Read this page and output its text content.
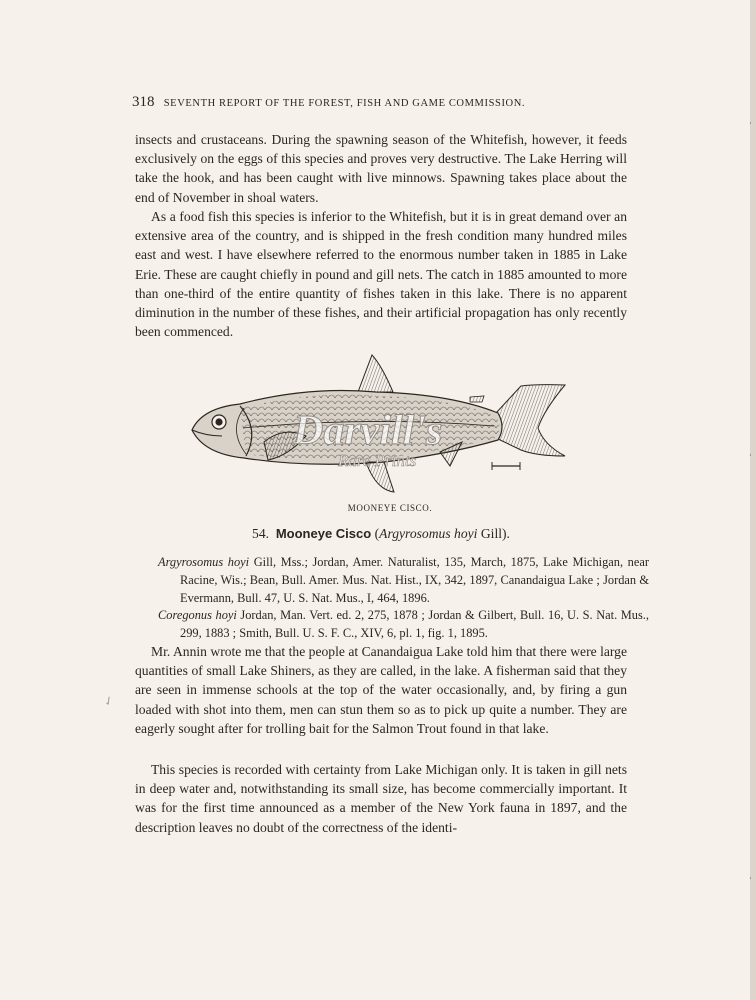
‘
‘
‘
318 SEVENTH REPORT OF THE FOREST, FISH AND GAME COMMISSION.

insects and crustaceans. During the spawning season of the Whitefish, however, it feeds exclusively on the eggs of this species and proves very destructive. The Lake Herring will take the hook, and has been caught with live minnows. Spawning takes place about the end of November in shoal waters.

As a food fish this species is inferior to the Whitefish, but it is in great demand over an extensive area of the country, and is shipped in the fresh condition many hundred miles east and west. I have elsewhere referred to the enormous number taken in 1885 in Lake Erie. These are caught chiefly in pound and gill nets. The catch in 1885 amounted to more than one-third of the entire quantity of fishes taken in this lake. There is no apparent diminution in the number of these fishes, and their artificial propagation has only recently been commenced.

Darvill's
Rare Prints
MOONEYE CISCO.
54. Mooneye Cisco (Argyrosomus hoyi Gill).

Argyrosomus hoyi Gill, Mss.; Jordan, Amer. Naturalist, 135, March, 1875, Lake Michigan, near Racine, Wis.; Bean, Bull. Amer. Mus. Nat. Hist., IX, 342, 1897, Canandaigua Lake ; Jordan & Evermann, Bull. 47, U. S. Nat. Mus., I, 464, 1896.

Coregonus hoyi Jordan, Man. Vert. ed. 2, 275, 1878 ; Jordan & Gilbert, Bull. 16, U. S. Nat. Mus., 299, 1883 ; Smith, Bull. U. S. F. C., XIV, 6, pl. 1, fig. 1, 1895.

Mr. Annin wrote me that the people at Canandaigua Lake told him that there were large quantities of small Lake Shiners, as they are called, in the lake. A fisherman said that they are seen in immense schools at the top of the water occasionally, and, by firing a gun loaded with shot into them, men can stun them so as to pick up quite a number. They are eagerly sought after for trolling bait for the Salmon Trout found in that lake.

This species is recorded with certainty from Lake Michigan only. It is taken in gill nets in deep water and, notwithstanding its small size, has become commercially important. It was for the first time announced as a member of the New York fauna in 1897, and the description leaves no doubt of the correctness of the identi-

✓
